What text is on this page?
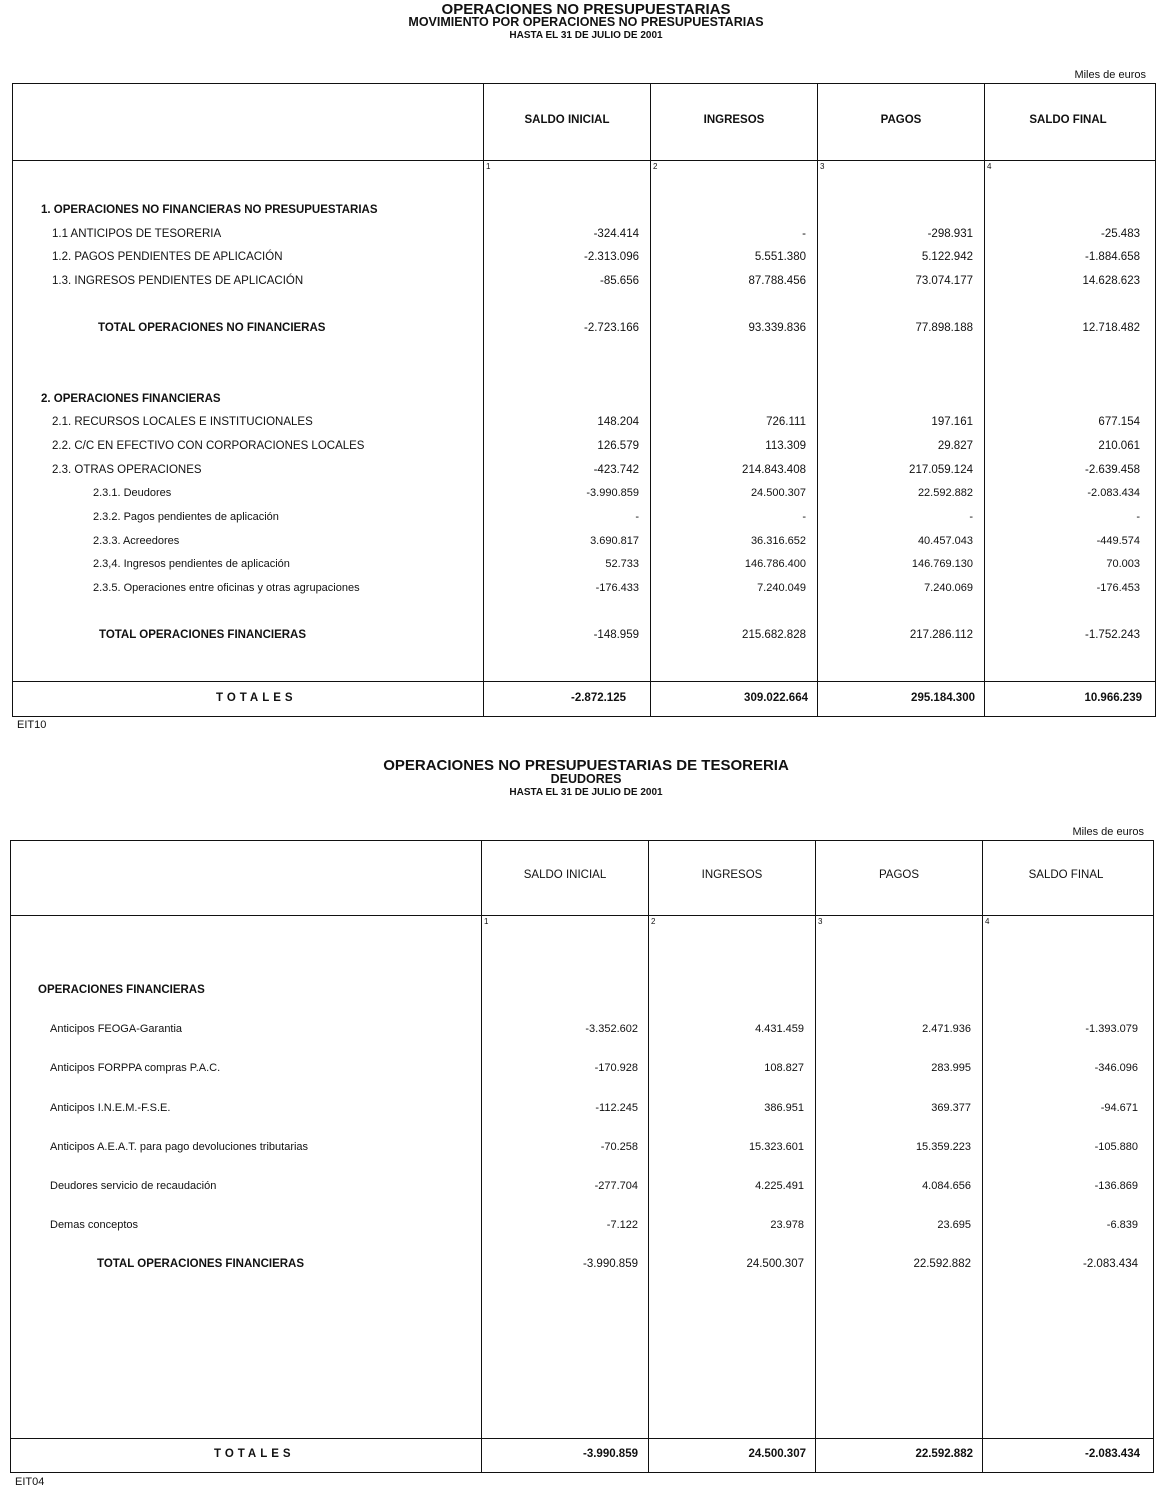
OPERACIONES NO PRESUPUESTARIAS
MOVIMIENTO POR OPERACIONES NO PRESUPUESTARIAS
HASTA EL 31 DE JULIO DE 2001
Miles de euros
SALDO INICIAL	INGRESOS	PAGOS	SALDO FINAL
1	2	3	4
1. OPERACIONES NO FINANCIERAS NO PRESUPUESTARIAS
1.1 ANTICIPOS DE TESORERIA	-324.414	-	-298.931	-25.483
1.2. PAGOS PENDIENTES DE APLICACIÓN	-2.313.096	5.551.380	5.122.942	-1.884.658
1.3. INGRESOS PENDIENTES DE APLICACIÓN	-85.656	87.788.456	73.074.177	14.628.623
TOTAL OPERACIONES NO FINANCIERAS	-2.723.166	93.339.836	77.898.188	12.718.482
2. OPERACIONES FINANCIERAS
2.1. RECURSOS LOCALES E INSTITUCIONALES	148.204	726.111	197.161	677.154
2.2. C/C EN EFECTIVO CON CORPORACIONES LOCALES	126.579	113.309	29.827	210.061
2.3. OTRAS OPERACIONES	-423.742	214.843.408	217.059.124	-2.639.458
2.3.1. Deudores	-3.990.859	24.500.307	22.592.882	-2.083.434
2.3.2. Pagos pendientes de aplicación	-	-	-	-
2.3.3. Acreedores	3.690.817	36.316.652	40.457.043	-449.574
2.3,4. Ingresos pendientes de aplicación	52.733	146.786.400	146.769.130	70.003
2.3.5. Operaciones entre oficinas y otras agrupaciones	-176.433	7.240.049	7.240.069	-176.453
TOTAL OPERACIONES FINANCIERAS	-148.959	215.682.828	217.286.112	-1.752.243
TOTALES	-2.872.125	309.022.664	295.184.300	10.966.239
EIT10
OPERACIONES NO PRESUPUESTARIAS DE TESORERIA
DEUDORES
HASTA EL 31 DE JULIO DE 2001
Miles de euros
SALDO INICIAL	INGRESOS	PAGOS	SALDO FINAL
1	2	3	4
OPERACIONES FINANCIERAS
Anticipos FEOGA-Garantia	-3.352.602	4.431.459	2.471.936	-1.393.079
Anticipos FORPPA compras P.A.C.	-170.928	108.827	283.995	-346.096
Anticipos I.N.E.M.-F.S.E.	-112.245	386.951	369.377	-94.671
Anticipos A.E.A.T. para pago devoluciones tributarias	-70.258	15.323.601	15.359.223	-105.880
Deudores servicio de recaudación	-277.704	4.225.491	4.084.656	-136.869
Demas conceptos	-7.122	23.978	23.695	-6.839
TOTAL OPERACIONES FINANCIERAS	-3.990.859	24.500.307	22.592.882	-2.083.434
TOTALES	-3.990.859	24.500.307	22.592.882	-2.083.434
EIT04
